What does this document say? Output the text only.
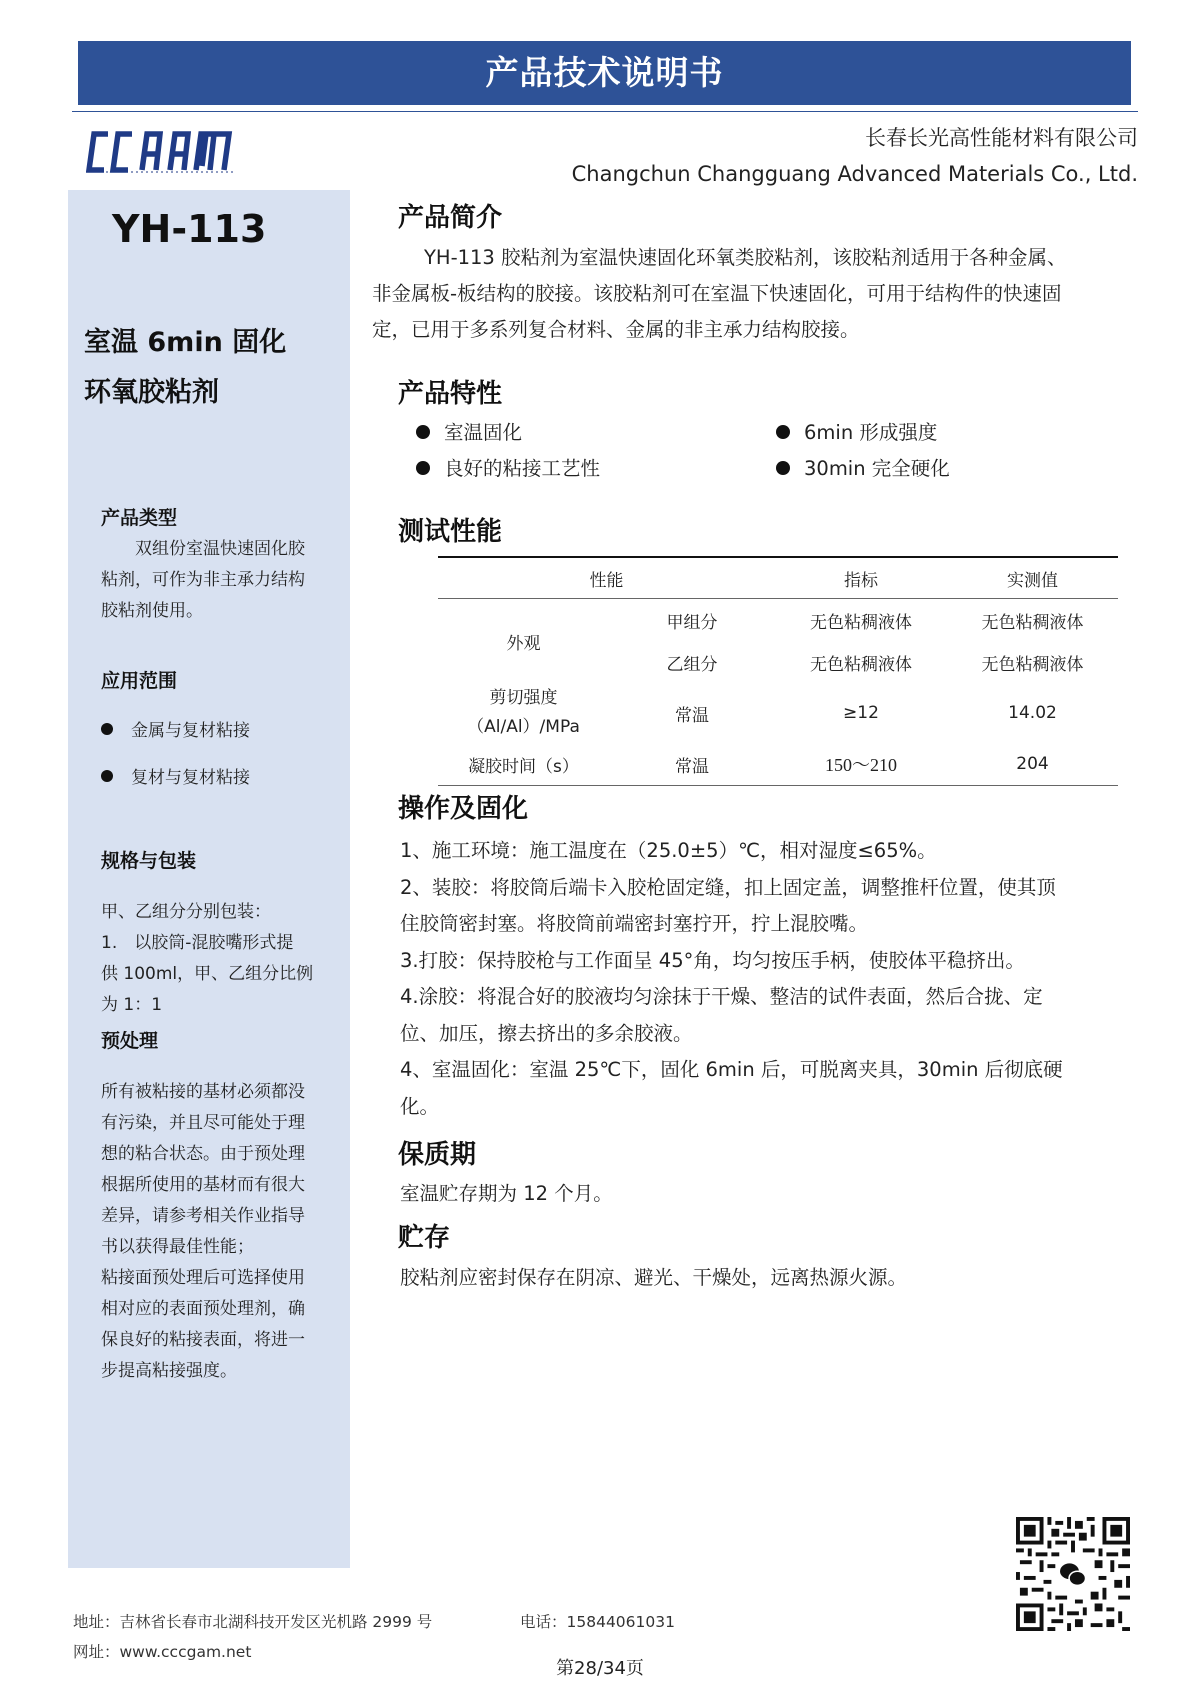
产品技术说明书
长春长光高性能材料有限公司
Changchun Changguang Advanced Materials Co., Ltd.
YH-113
室温 6min 固化
环氧胶粘剂
产品类型
双组份室温快速固化胶
粘剂，可作为非主承力结构
胶粘剂使用。
应用范围
金属与复材粘接
复材与复材粘接
规格与包装
甲、乙组分分别包装：
1.　以胶筒-混胶嘴形式提
供 100ml，甲、乙组分比例
为 1：1
预处理
所有被粘接的基材必须都没
有污染，并且尽可能处于理
想的粘合状态。由于预处理
根据所使用的基材而有很大
差异，请参考相关作业指导
书以获得最佳性能；
粘接面预处理后可选择使用
相对应的表面预处理剂，确
保良好的粘接表面，将进一
步提高粘接强度。
产品简介
YH-113 胶粘剂为室温快速固化环氧类胶粘剂，该胶粘剂适用于各种金属、
非金属板-板结构的胶接。该胶粘剂可在室温下快速固化，可用于结构件的快速固
定，已用于多系列复合材料、金属的非主承力结构胶接。
产品特性
室温固化	6min 形成强度
良好的粘接工艺性	30min 完全硬化
测试性能
性能		指标	实测值
外观	甲组分	无色粘稠液体	无色粘稠液体
	乙组分	无色粘稠液体	无色粘稠液体

剪切强度
（Al/Al）/MPa	常温	≥12	14.02
凝胶时间（s）	常温	150～210	204
操作及固化
1、施工环境：施工温度在（25.0±5）℃，相对湿度≤65%。
2、装胶：将胶筒后端卡入胶枪固定缝，扣上固定盖，调整推杆位置，使其顶
住胶筒密封塞。将胶筒前端密封塞拧开，拧上混胶嘴。
3.打胶：保持胶枪与工作面呈 45°角，均匀按压手柄，使胶体平稳挤出。
4.涂胶：将混合好的胶液均匀涂抹于干燥、整洁的试件表面，然后合拢、定
位、加压，擦去挤出的多余胶液。
4、室温固化：室温 25℃下，固化 6min 后，可脱离夹具，30min 后彻底硬
化。
保质期
室温贮存期为 12 个月。
贮存
胶粘剂应密封保存在阴凉、避光、干燥处，远离热源火源。
地址：吉林省长春市北湖科技开发区光机路 2999 号	电话：15844061031
网址：www.cccgam.net
第28/34页
